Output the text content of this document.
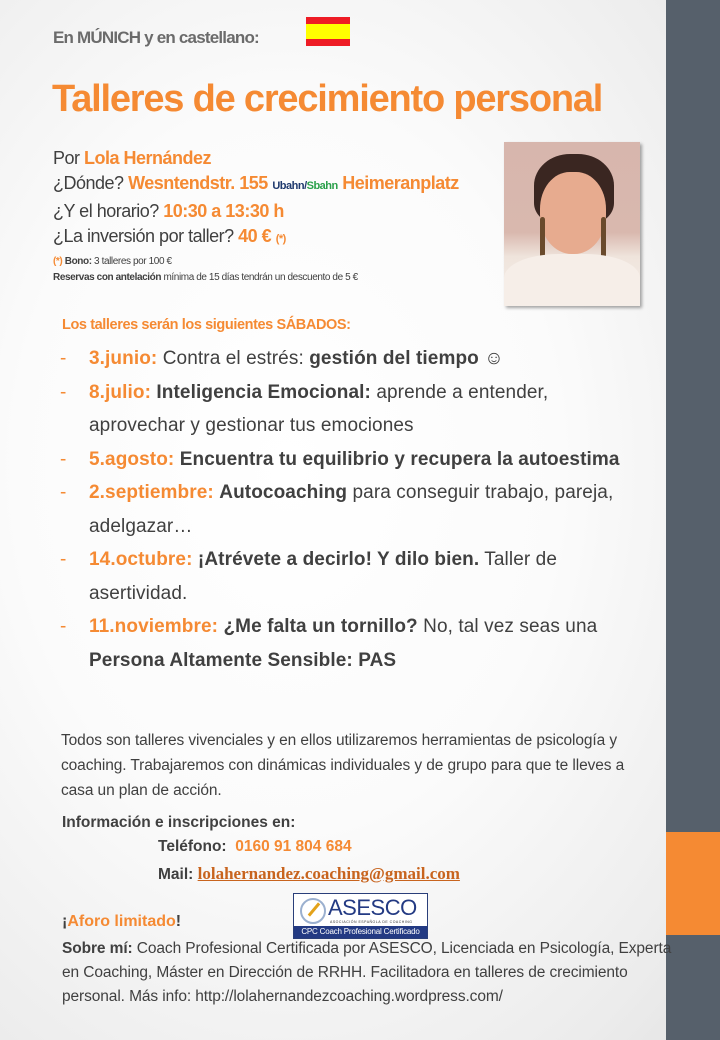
En MÚNICH y en castellano:
Talleres de crecimiento personal
Por Lola Hernández
¿Dónde? Wesntendstr. 155 Ubahn/Sbahn Heimeranplatz
¿Y el horario? 10:30 a 13:30 h
¿La inversión por taller? 40 € (*)
(*) Bono: 3 talleres por 100 €
Reservas con antelación mínima de 15 días tendrán un descuento de 5 €
Los talleres serán los siguientes SÁBADOS:
- 3.junio: Contra el estrés: gestión del tiempo ☺
- 8.julio: Inteligencia Emocional: aprende a entender, aprovechar y gestionar tus emociones
- 5.agosto: Encuentra tu equilibrio y recupera la autoestima
- 2.septiembre: Autocoaching para conseguir trabajo, pareja, adelgazar…
- 14.octubre: ¡Atrévete a decirlo! Y dilo bien. Taller de asertividad.
- 11.noviembre: ¿Me falta un tornillo? No, tal vez seas una Persona Altamente Sensible: PAS
Todos son talleres vivenciales y en ellos utilizaremos herramientas de psicología y coaching. Trabajaremos con dinámicas individuales y de grupo para que te lleves a casa un plan de acción.
Información e inscripciones en:
Teléfono: 0160 91 804 684
Mail: lolahernandez.coaching@gmail.com
ASESCO
ASOCIACIÓN ESPAÑOLA DE COACHING
CPC Coach Profesional Certificado
¡Aforo limitado!
Sobre mí: Coach Profesional Certificada por ASESCO, Licenciada en Psicología, Experta en Coaching, Máster en Dirección de RRHH. Facilitadora en talleres de crecimiento personal. Más info: http://lolahernandezcoaching.wordpress.com/
